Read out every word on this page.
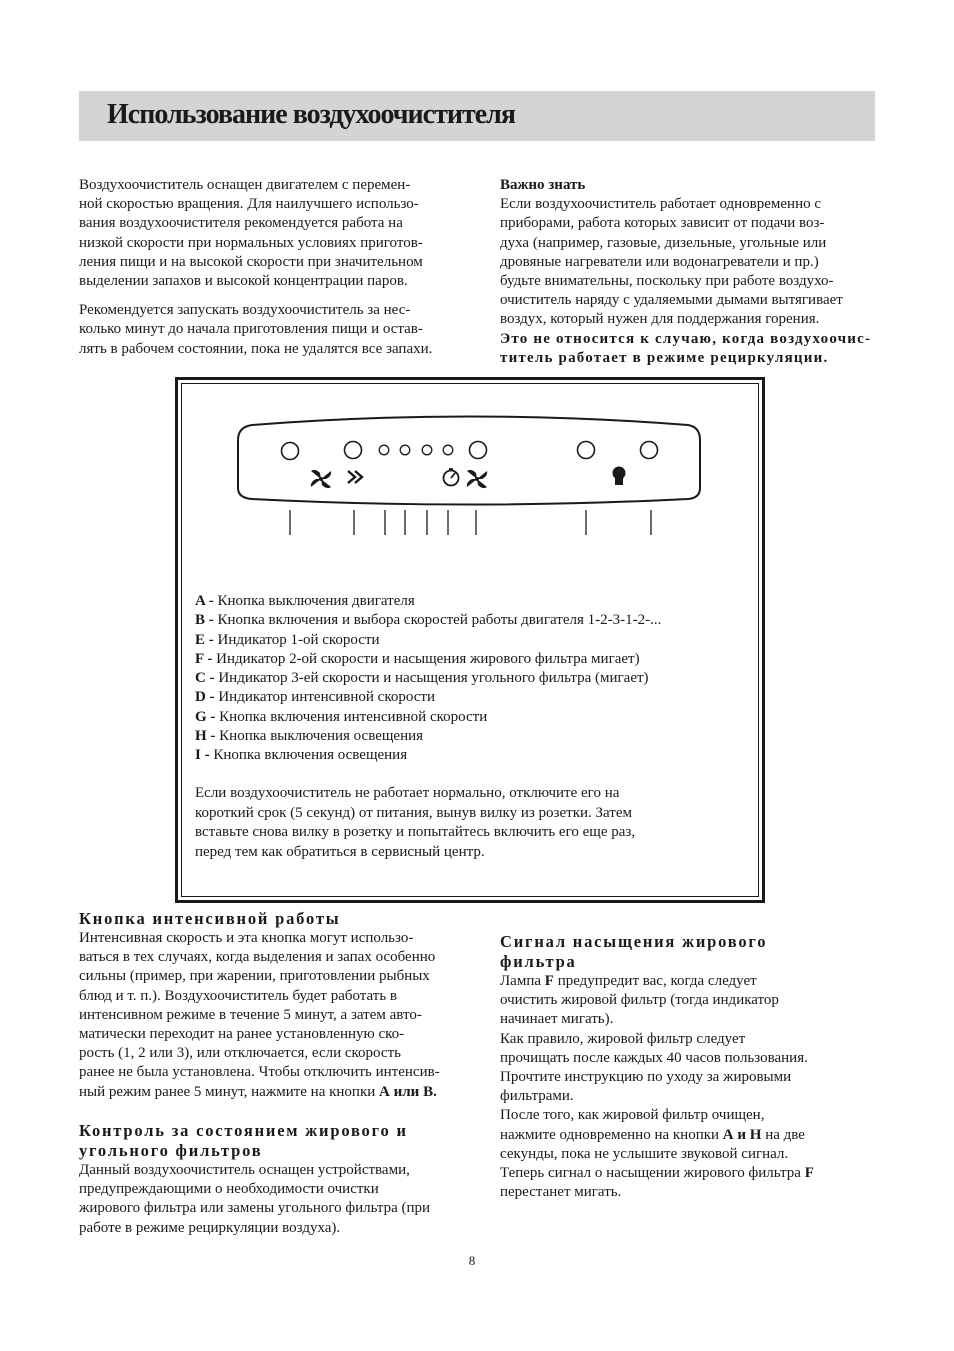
Использование воздухоочистителя

Воздухоочиститель оснащен двигателем с перемен-

ной скоростью вращения. Для наилучшего использо-

вания воздухоочистителя рекомендуется работа на

низкой скорости при нормальных условиях приготов-

ления пищи и на высокой скорости при значительном

выделении запахов и высокой концентрации паров.

Рекомендуется запускать воздухоочиститель за нес-

колько минут до начала приготовления пищи и остав-

лять в рабочем состоянии, пока не удалятся все запахи.

Важно знать

Если воздухоочиститель работает одновременно с

приборами, работа которых зависит от подачи воз-

духа (например, газовые, дизельные, угольные или

дровяные нагреватели или водонагреватели и пр.)

будьте внимательны, поскольку при работе воздухо-

очиститель наряду с удаляемыми дымами вытягивает

воздух, который нужен для поддержания горения.

Это не относится к случаю, когда воздухоочис-

титель работает в режиме рециркуляции.

A - Кнопка выключения двигателя
B - Кнопка включения и выбора скоростей работы двигателя 1-2-3-1-2-...
E - Индикатор 1-ой скорости
F - Индикатор 2-ой скорости и насыщения жирового фильтра мигает)
C - Индикатор 3-ей скорости и насыщения угольного фильтра (мигает)
D - Индикатор интенсивной скорости
G - Кнопка включения интенсивной скорости
H - Кнопка выключения освещения
I - Кнопка включения освещения
Если воздухоочиститель не работает нормально, отключите его на
короткий срок (5 секунд) от питания, вынув вилку из розетки. Затем
вставьте снова вилку в розетку и попытайтесь включить его еще раз,
перед тем как обратиться в сервисный центр.

Кнопка интенсивной работы

Интенсивная скорость и эта кнопка могут использо-

ваться в тех случаях, когда выделения и запах особенно

сильны (пример, при жарении, приготовлении рыбных

блюд и т. п.). Воздухоочиститель будет работать в

интенсивном режиме в течение 5 минут, а затем авто-

матически переходит на ранее установленную ско-

рость (1, 2 или 3), или отключается, если скорость

ранее не была установлена. Чтобы отключить интенсив-

ный режим ранее 5 минут, нажмите на кнопки А или В.

Контроль за состоянием жирового и

угольного фильтров

Данный воздухоочиститель оснащен устройствами,

предупреждающими о необходимости очистки

жирового фильтра или замены угольного фильтра (при

работе в режиме рециркуляции воздуха).

Сигнал насыщения жирового

фильтра

Лампа F предупредит вас, когда следует

очистить жировой фильтр (тогда индикатор

начинает мигать).

Как правило, жировой фильтр следует

прочищать после каждых 40 часов пользования.

Прочтите инструкцию по уходу за жировыми

фильтрами.

После того, как жировой фильтр очищен,

нажмите одновременно на кнопки А и Н на две

секунды, пока не услышите звуковой сигнал.

Теперь сигнал о насыщении жирового фильтра F

перестанет мигать.

8
